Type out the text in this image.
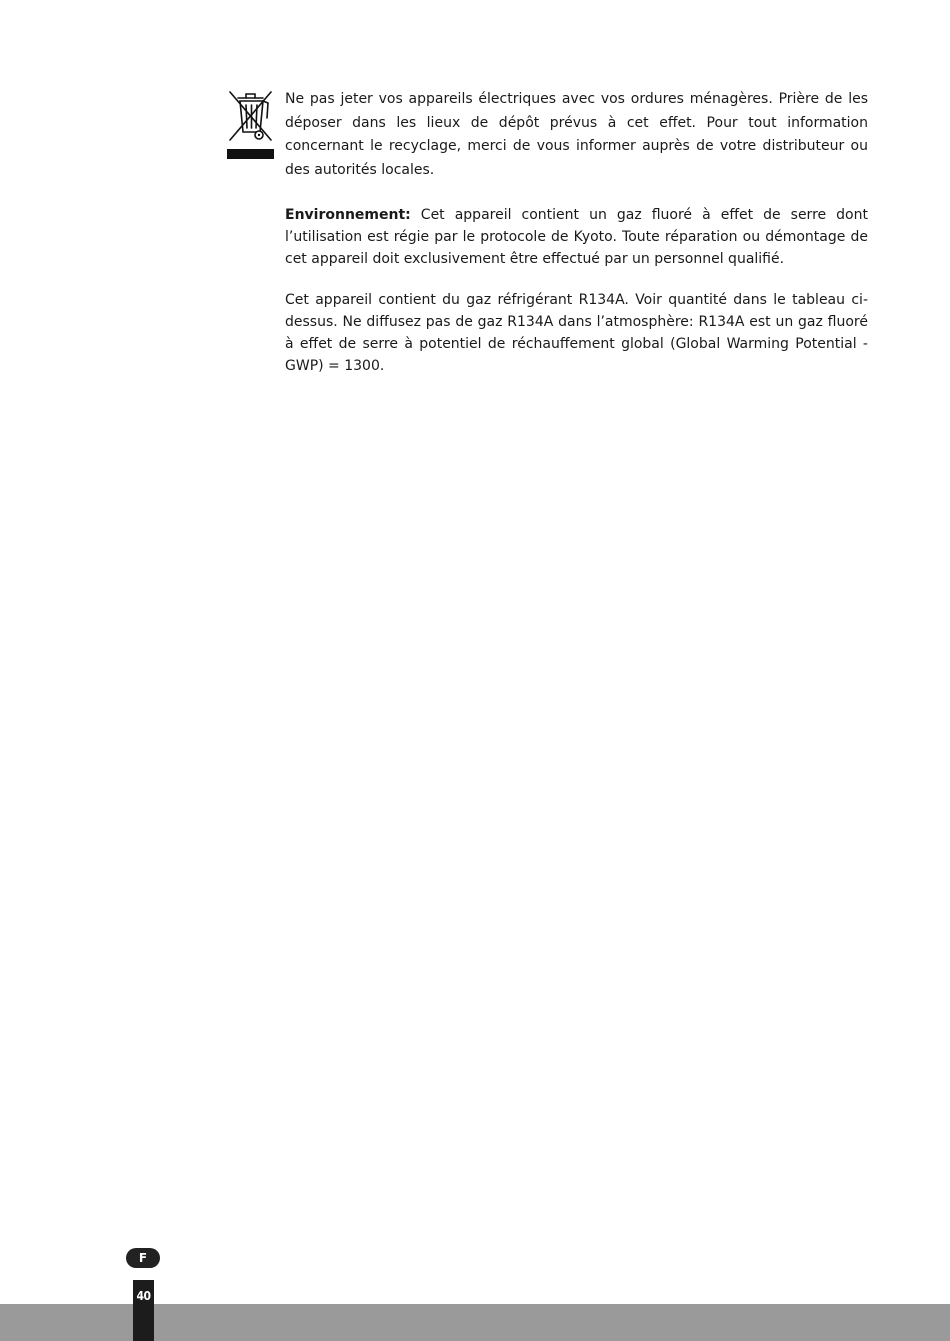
Ne pas jeter vos appareils électriques avec vos ordures ménagères. Prière de les déposer dans les lieux de dépôt prévus à cet effet. Pour tout information concernant le recyclage, merci de vous informer auprès de votre distributeur ou des autorités locales.

Environnement: Cet appareil contient un gaz fluoré à effet de serre dont l’utilisation est régie par le protocole de Kyoto. Toute réparation ou démontage de cet appareil doit exclusivement être effectué par un personnel qualifié.

Cet appareil contient du gaz réfrigérant R134A. Voir quantité dans le tableau ci-dessus. Ne diffusez pas de gaz R134A dans l’atmosphère: R134A est un gaz fluoré à effet de serre à potentiel de réchauffement global (Global Warming Potential - GWP) = 1300.

F
40
